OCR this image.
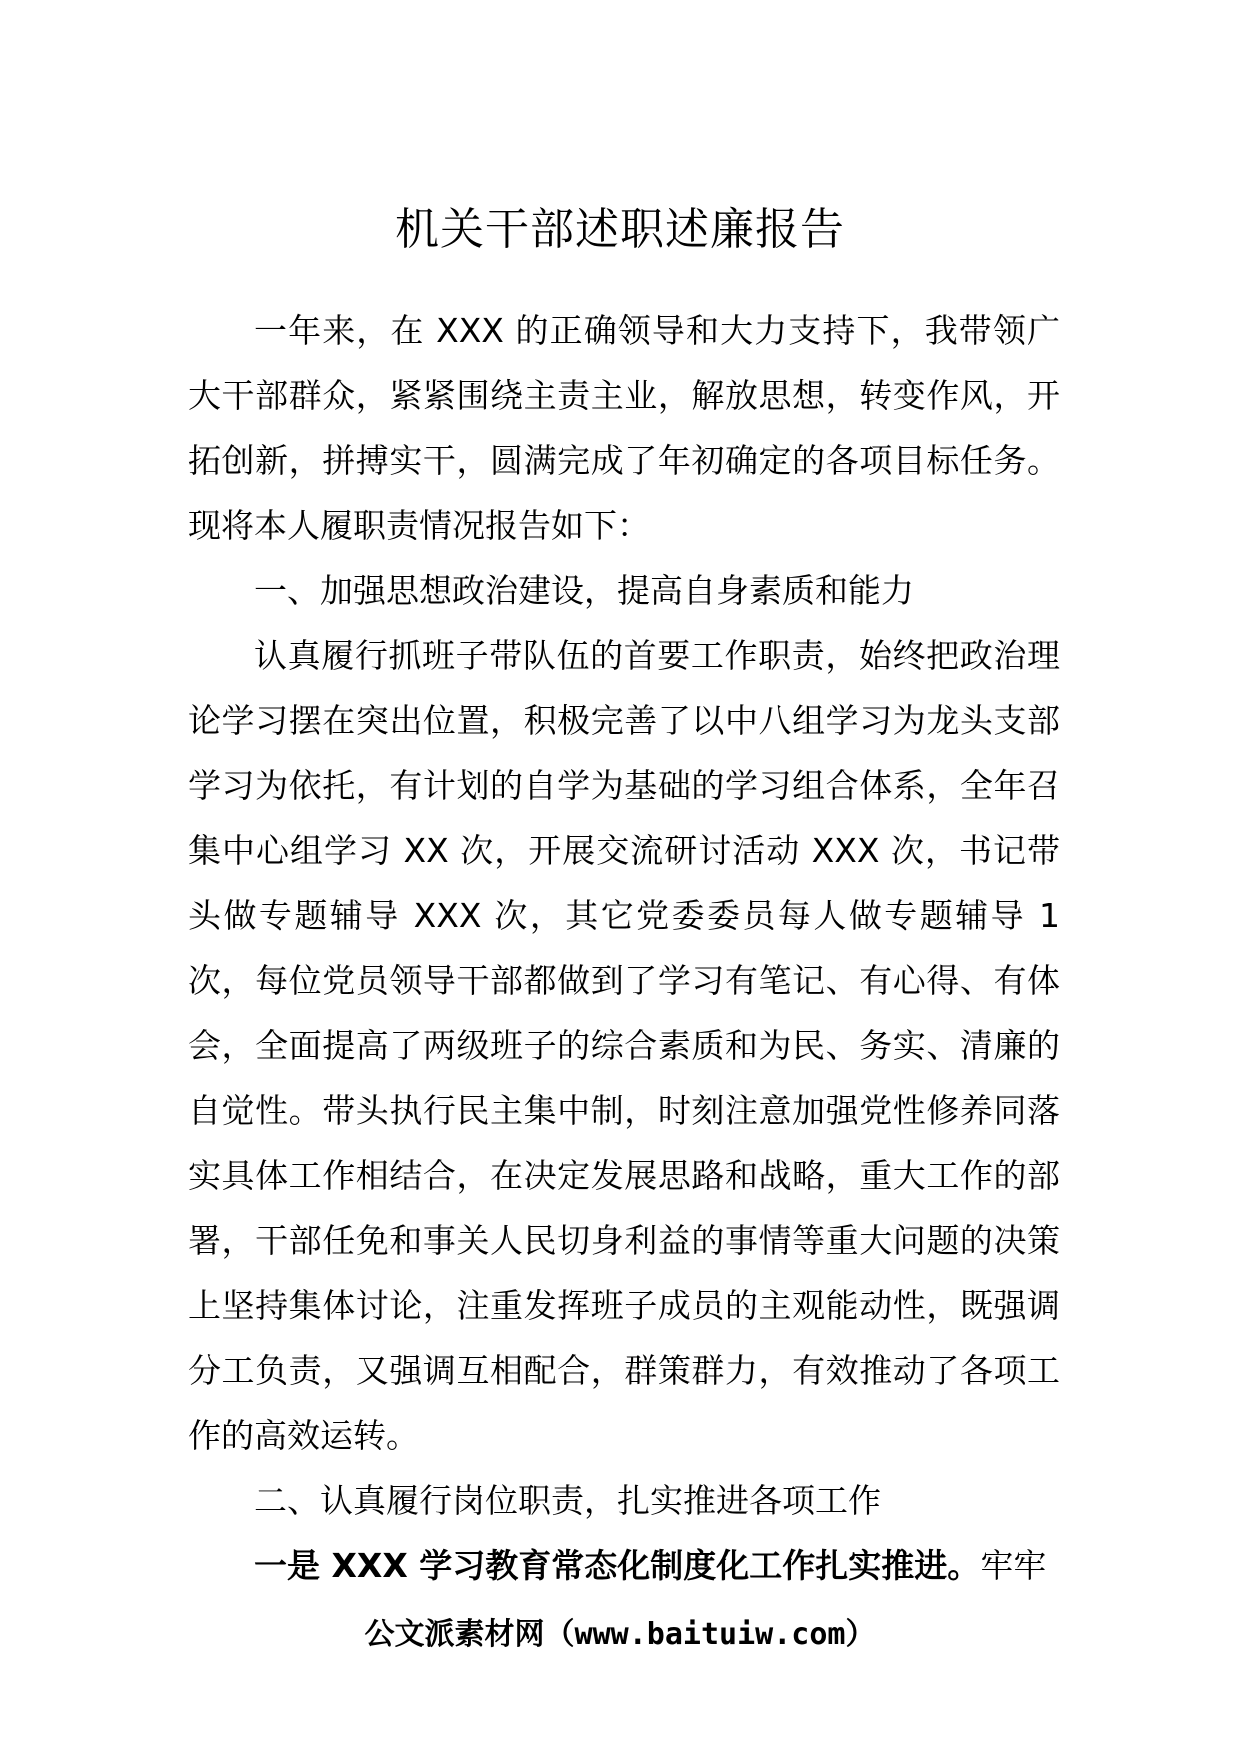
机关干部述职述廉报告

一年来，在 XXX 的正确领导和大力支持下，我带领广大干部群众，紧紧围绕主责主业，解放思想，转变作风，开拓创新，拼搏实干，圆满完成了年初确定的各项目标任务。现将本人履职责情况报告如下：

一、加强思想政治建设，提高自身素质和能力

认真履行抓班子带队伍的首要工作职责，始终把政治理论学习摆在突出位置，积极完善了以中八组学习为龙头支部学习为依托，有计划的自学为基础的学习组合体系，全年召集中心组学习 XX 次，开展交流研讨活动 XXX 次，书记带头做专题辅导 XXX 次，其它党委委员每人做专题辅导 1 次，每位党员领导干部都做到了学习有笔记、有心得、有体会，全面提高了两级班子的综合素质和为民、务实、清廉的自觉性。带头执行民主集中制，时刻注意加强党性修养同落实具体工作相结合，在决定发展思路和战略，重大工作的部署，干部任免和事关人民切身利益的事情等重大问题的决策上坚持集体讨论，注重发挥班子成员的主观能动性，既强调分工负责，又强调互相配合，群策群力，有效推动了各项工作的高效运转。

二、认真履行岗位职责，扎实推进各项工作

一是 XXX 学习教育常态化制度化工作扎实推进。牢牢

公文派素材网（www.baituiw.com）
